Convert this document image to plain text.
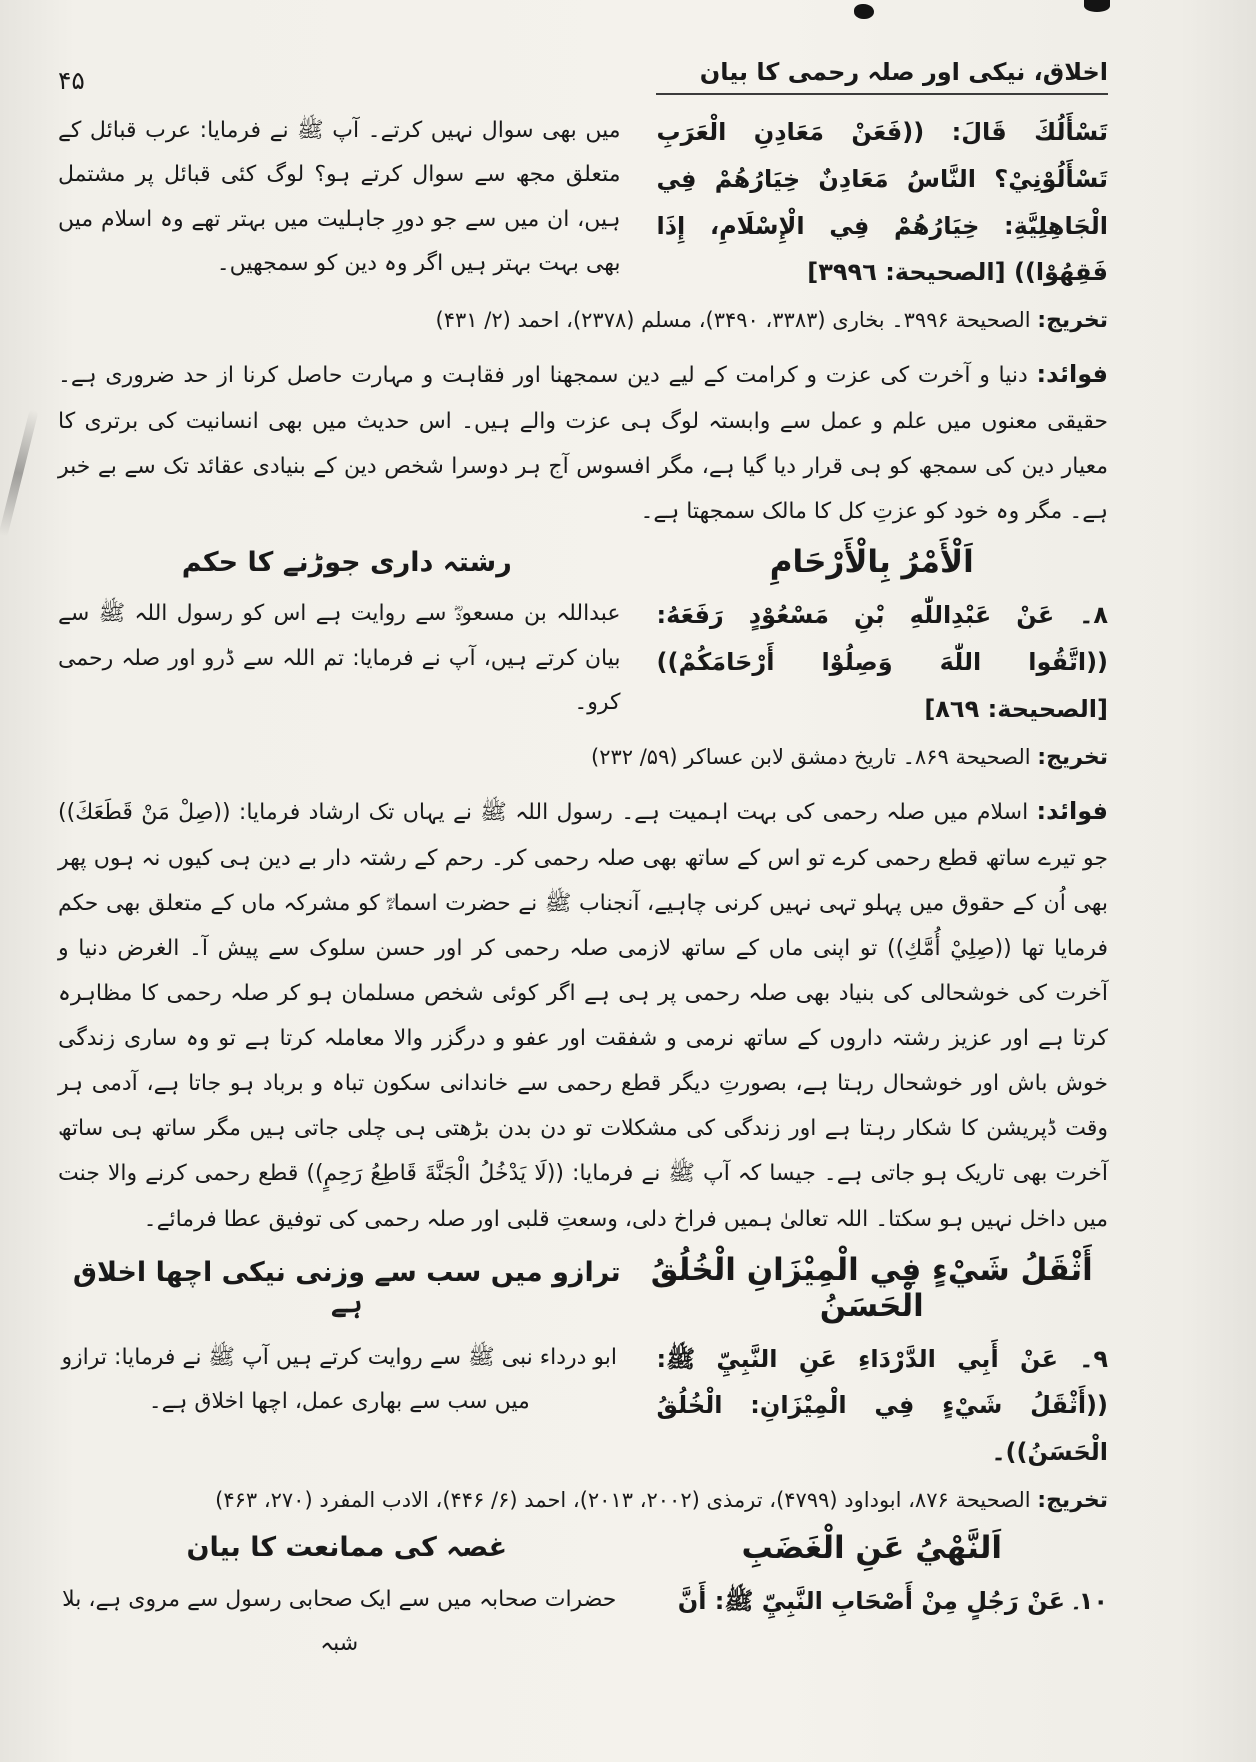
اخلاق، نیکی اور صلہ رحمی کا بیان
۴۵
تَسْأَلُكَ قَالَ: ((فَعَنْ مَعَادِنِ الْعَرَبِ تَسْأَلُوْنِيْ؟ النَّاسُ مَعَادِنٌ خِيَارُهُمْ فِي الْجَاهِلِيَّةِ: خِيَارُهُمْ فِي الْإِسْلَامِ، إِذَا فَقِهُوْا)) [الصحيحة: ٣٩٩٦]
میں بھی سوال نہیں کرتے۔ آپ ﷺ نے فرمایا: عرب قبائل کے متعلق مجھ سے سوال کرتے ہو؟ لوگ کئی قبائل پر مشتمل ہیں، ان میں سے جو دورِ جاہلیت میں بہتر تھے وہ اسلام میں بھی بہت بہتر ہیں اگر وہ دین کو سمجھیں۔
تخریج: الصحیحة ۳۹۹۶۔ بخاری (۳۳۸۳، ۳۴۹۰)، مسلم (۲۳۷۸)، احمد (۲/ ۴۳۱)

فوائد: دنیا و آخرت کی عزت و کرامت کے لیے دین سمجھنا اور فقاہت و مہارت حاصل کرنا از حد ضروری ہے۔ حقیقی معنوں میں علم و عمل سے وابستہ لوگ ہی عزت والے ہیں۔ اس حدیث میں بھی انسانیت کی برتری کا معیار دین کی سمجھ کو ہی قرار دیا گیا ہے، مگر افسوس آج ہر دوسرا شخص دین کے بنیادی عقائد تک سے بے خبر ہے۔ مگر وہ خود کو عزتِ کل کا مالک سمجھتا ہے۔

اَلْأَمْرُ بِالْأَرْحَامِ
رشتہ داری جوڑنے کا حکم
٨۔ عَنْ عَبْدِاللّٰهِ بْنِ مَسْعُوْدٍ رَفَعَهُ: ((اتَّقُوا اللّٰهَ وَصِلُوْا أَرْحَامَكُمْ)) [الصحيحة: ٨٦٩]
عبداللہ بن مسعودؓ سے روایت ہے اس کو رسول اللہ ﷺ سے بیان کرتے ہیں، آپ نے فرمایا: تم اللہ سے ڈرو اور صلہ رحمی کرو۔
تخریج: الصحیحة ۸۶۹۔ تاریخ دمشق لابن عساکر (۵۹/ ۲۳۲)

فوائد: اسلام میں صلہ رحمی کی بہت اہمیت ہے۔ رسول اللہ ﷺ نے یہاں تک ارشاد فرمایا: ((صِلْ مَنْ قَطَعَكَ)) جو تیرے ساتھ قطع رحمی کرے تو اس کے ساتھ بھی صلہ رحمی کر۔ رحم کے رشتہ دار بے دین ہی کیوں نہ ہوں پھر بھی اُن کے حقوق میں پہلو تہی نہیں کرنی چاہیے، آنجناب ﷺ نے حضرت اسماءؓ کو مشرکہ ماں کے متعلق بھی حکم فرمایا تھا ((صِلِيْ أُمَّكِ)) تو اپنی ماں کے ساتھ لازمی صلہ رحمی کر اور حسن سلوک سے پیش آ۔ الغرض دنیا و آخرت کی خوشحالی کی بنیاد بھی صلہ رحمی پر ہی ہے اگر کوئی شخص مسلمان ہو کر صلہ رحمی کا مظاہرہ کرتا ہے اور عزیز رشتہ داروں کے ساتھ نرمی و شفقت اور عفو و درگزر والا معاملہ کرتا ہے تو وہ ساری زندگی خوش باش اور خوشحال رہتا ہے، بصورتِ دیگر قطع رحمی سے خاندانی سکون تباہ و برباد ہو جاتا ہے، آدمی ہر وقت ڈپریشن کا شکار رہتا ہے اور زندگی کی مشکلات تو دن بدن بڑھتی ہی چلی جاتی ہیں مگر ساتھ ہی ساتھ آخرت بھی تاریک ہو جاتی ہے۔ جیسا کہ آپ ﷺ نے فرمایا: ((لَا يَدْخُلُ الْجَنَّةَ قَاطِعُ رَحِمٍ)) قطع رحمی کرنے والا جنت میں داخل نہیں ہو سکتا۔ اللہ تعالیٰ ہمیں فراخ دلی، وسعتِ قلبی اور صلہ رحمی کی توفیق عطا فرمائے۔

أَثْقَلُ شَيْءٍ فِي الْمِيْزَانِ الْخُلُقُ الْحَسَنُ
ترازو میں سب سے وزنی نیکی اچھا اخلاق ہے
٩۔ عَنْ أَبِي الدَّرْدَاءِ عَنِ النَّبِيِّ ﷺ: ((أَثْقَلُ شَيْءٍ فِي الْمِيْزَانِ: الْخُلُقُ الْحَسَنُ))۔
ابو درداء نبی ﷺ سے روایت کرتے ہیں آپ ﷺ نے فرمایا: ترازو میں سب سے بھاری عمل، اچھا اخلاق ہے۔
تخریج: الصحیحة ۸۷۶، ابوداود (۴۷۹۹)، ترمذی (۲۰۰۲، ۲۰۱۳)، احمد (۶/ ۴۴۶)، الادب المفرد (۲۷۰، ۴۶۳)
اَلنَّهْيُ عَنِ الْغَضَبِ
غصہ کی ممانعت کا بیان
١٠۔ عَنْ رَجُلٍ مِنْ أَصْحَابِ النَّبِيِّ ﷺ: أَنَّ
حضرات صحابہ میں سے ایک صحابی رسول سے مروی ہے، بلا شبہ
